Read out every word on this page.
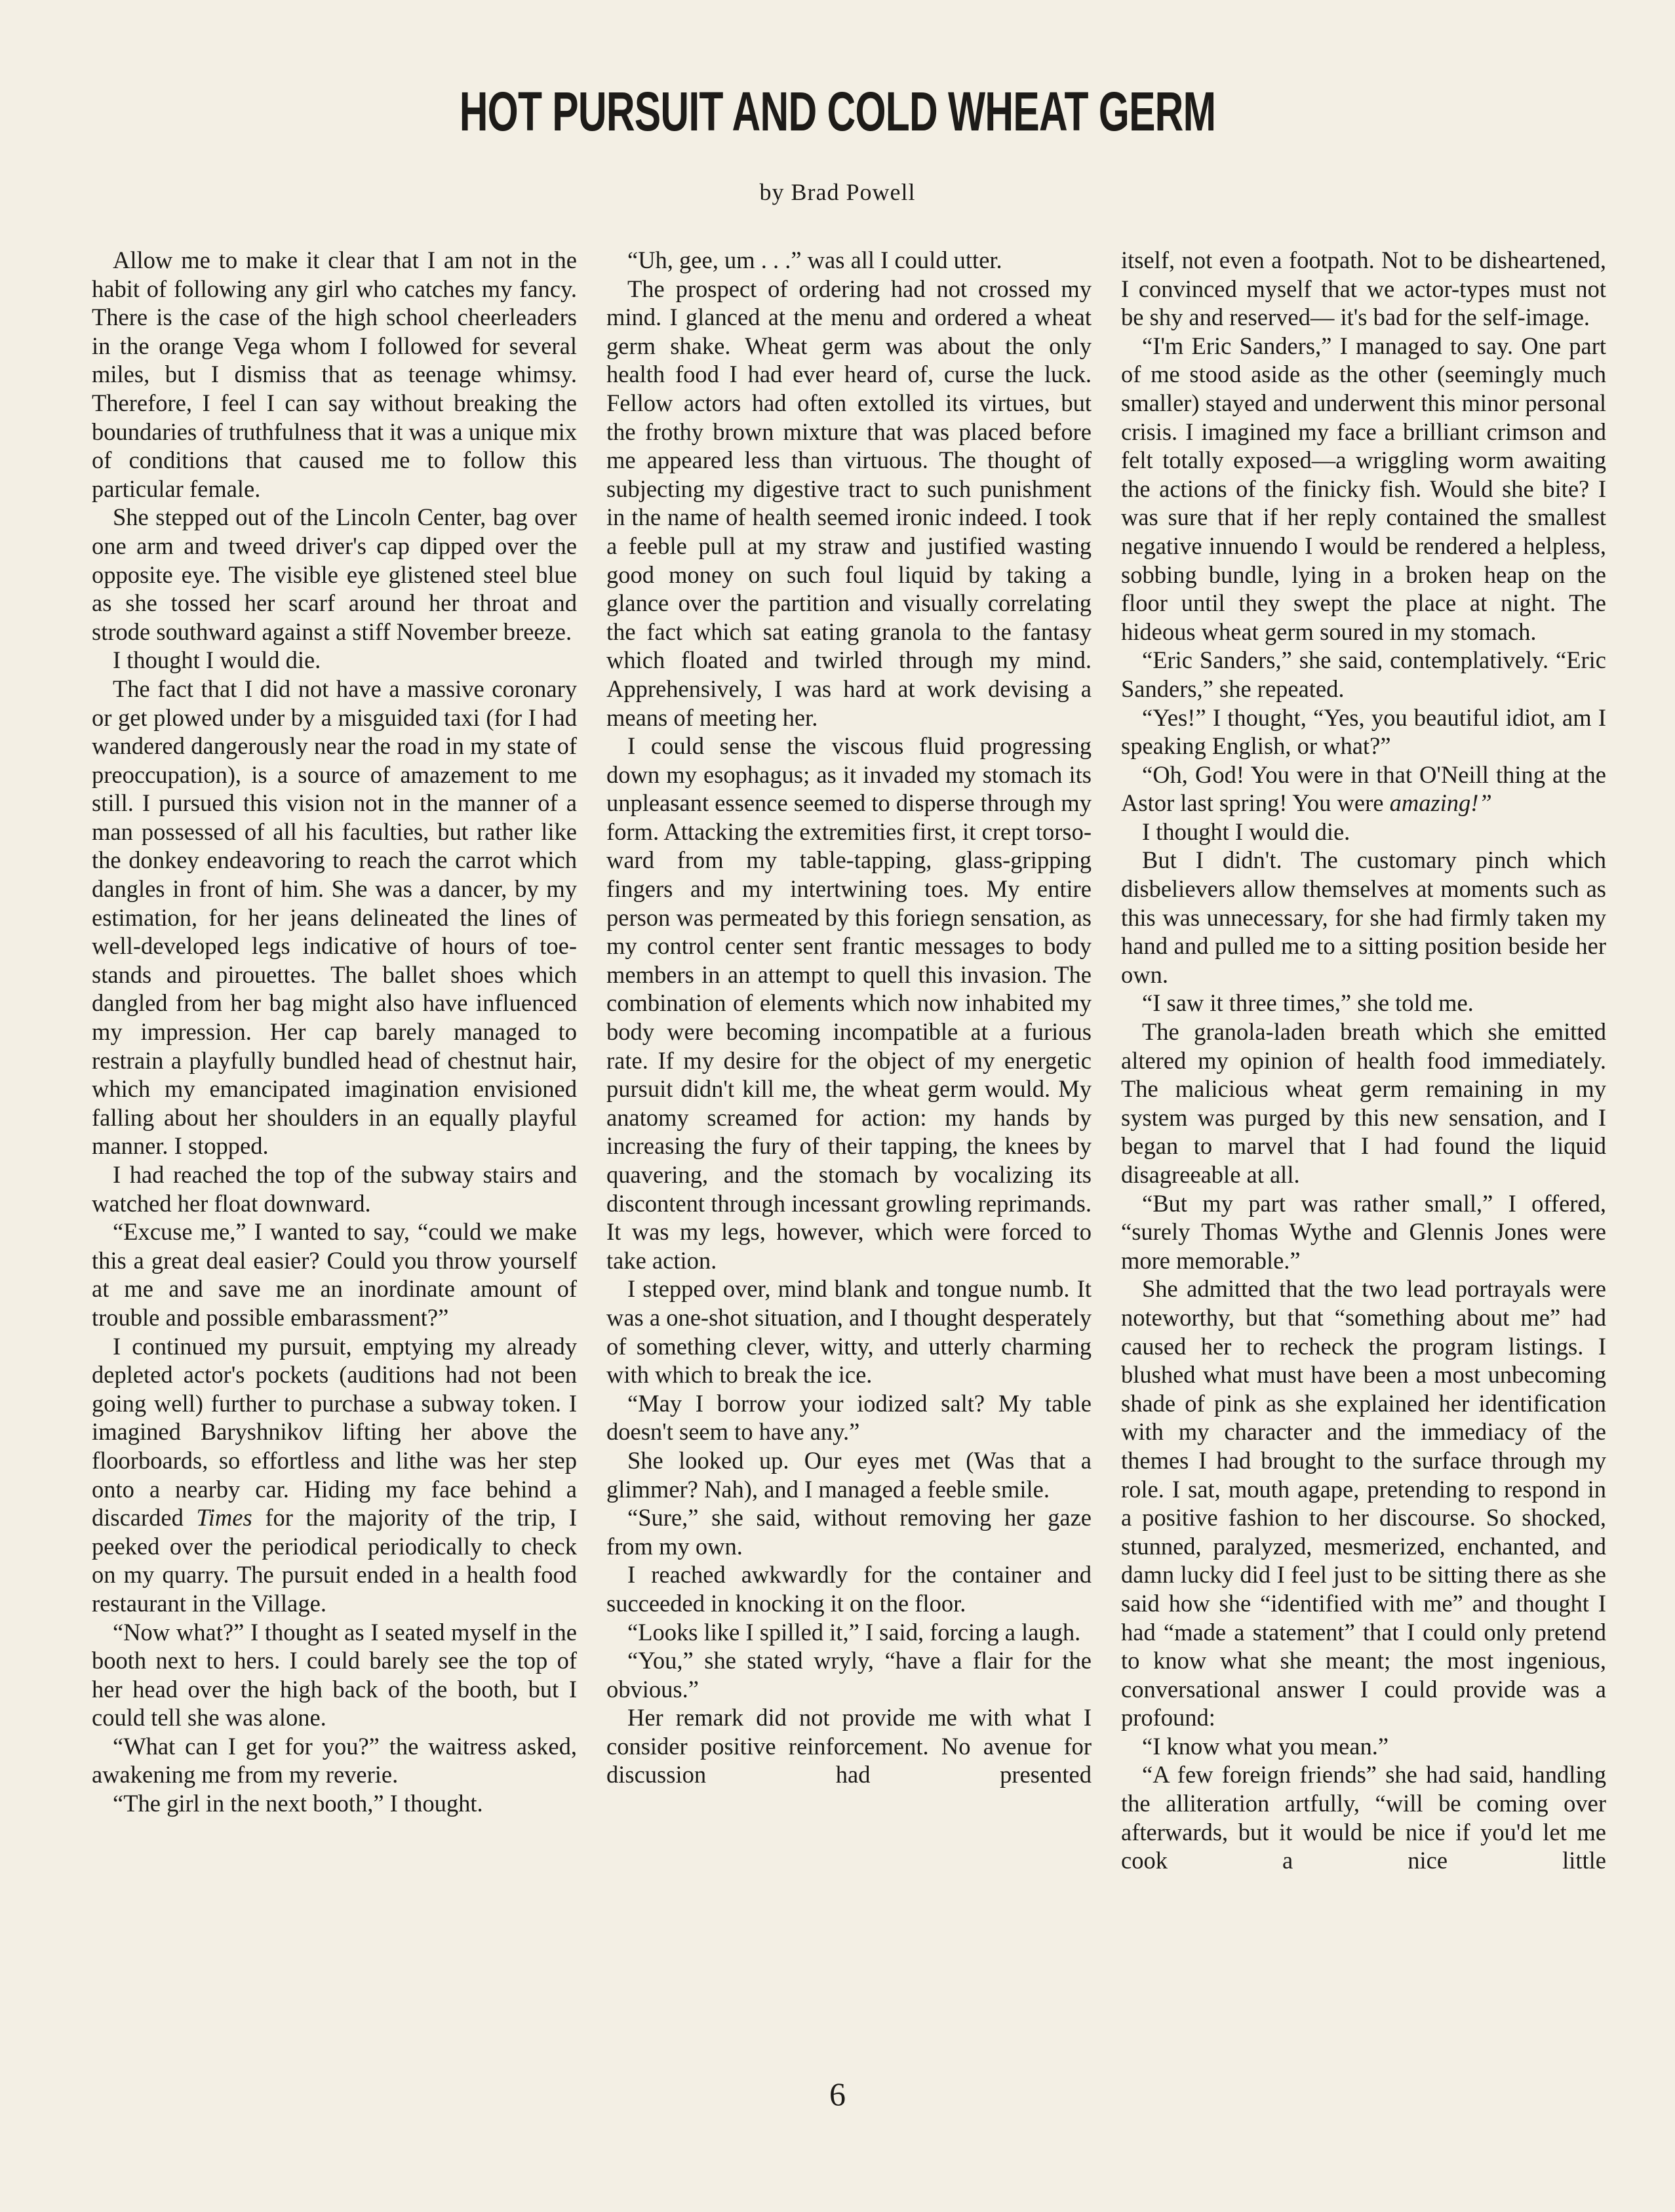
HOT PURSUIT AND COLD WHEAT GERM

by Brad Powell

Allow me to make it clear that I am not in the habit of following any girl who catches my fancy. There is the case of the high school cheerleaders in the orange Vega whom I followed for several miles, but I dismiss that as teenage whimsy. Therefore, I feel I can say without breaking the boundaries of truthfulness that it was a unique mix of conditions that caused me to follow this particular female.

She stepped out of the Lincoln Center, bag over one arm and tweed driver's cap dipped over the opposite eye. The visible eye glistened steel blue as she tossed her scarf around her throat and strode southward against a stiff November breeze.

I thought I would die.

The fact that I did not have a massive coronary or get plowed under by a misguided taxi (for I had wandered dangerously near the road in my state of preoccupation), is a source of amazement to me still. I pursued this vision not in the manner of a man possessed of all his faculties, but rather like the donkey endeavoring to reach the carrot which dangles in front of him. She was a dancer, by my estimation, for her jeans delineated the lines of well-developed legs indicative of hours of toe-stands and pirouettes. The ballet shoes which dangled from her bag might also have influenced my impression. Her cap barely managed to restrain a playfully bundled head of chestnut hair, which my emancipated imagination envisioned falling about her shoulders in an equally playful manner. I stopped.

I had reached the top of the subway stairs and watched her float downward.

“Excuse me,” I wanted to say, “could we make this a great deal easier? Could you throw yourself at me and save me an inordinate amount of trouble and possible embarassment?”

I continued my pursuit, emptying my already depleted actor's pockets (auditions had not been going well) further to purchase a subway token. I imagined Baryshnikov lifting her above the floorboards, so effortless and lithe was her step onto a nearby car. Hiding my face behind a discarded Times for the majority of the trip, I peeked over the periodical periodically to check on my quarry. The pursuit ended in a health food restaurant in the Village.

“Now what?” I thought as I seated myself in the booth next to hers. I could barely see the top of her head over the high back of the booth, but I could tell she was alone.

“What can I get for you?” the waitress asked, awakening me from my reverie.

“The girl in the next booth,” I thought.

“Uh, gee, um . . .” was all I could utter.

The prospect of ordering had not crossed my mind. I glanced at the menu and ordered a wheat germ shake. Wheat germ was about the only health food I had ever heard of, curse the luck. Fellow actors had often extolled its virtues, but the frothy brown mixture that was placed before me appeared less than virtuous. The thought of subjecting my digestive tract to such punishment in the name of health seemed ironic indeed. I took a feeble pull at my straw and justified wasting good money on such foul liquid by taking a glance over the partition and visually correlating the fact which sat eating granola to the fantasy which floated and twirled through my mind. Apprehensively, I was hard at work devising a means of meeting her.

I could sense the viscous fluid progressing down my esophagus; as it invaded my stomach its unpleasant essence seemed to disperse through my form. Attacking the extremities first, it crept torso-ward from my table-tapping, glass-gripping fingers and my intertwining toes. My entire person was permeated by this foriegn sensation, as my control center sent frantic messages to body members in an attempt to quell this invasion. The combination of elements which now inhabited my body were becoming incompatible at a furious rate. If my desire for the object of my energetic pursuit didn't kill me, the wheat germ would. My anatomy screamed for action: my hands by increasing the fury of their tapping, the knees by quavering, and the stomach by vocalizing its discontent through incessant growling reprimands. It was my legs, however, which were forced to take action.

I stepped over, mind blank and tongue numb. It was a one-shot situation, and I thought desperately of something clever, witty, and utterly charming with which to break the ice.

“May I borrow your iodized salt? My table doesn't seem to have any.”

She looked up. Our eyes met (Was that a glimmer? Nah), and I managed a feeble smile.

“Sure,” she said, without removing her gaze from my own.

I reached awkwardly for the container and succeeded in knocking it on the floor.

“Looks like I spilled it,” I said, forcing a laugh.

“You,” she stated wryly, “have a flair for the obvious.”

Her remark did not provide me with what I consider positive reinforcement. No avenue for discussion had presented

itself, not even a footpath. Not to be disheartened, I convinced myself that we actor-types must not be shy and reserved— it's bad for the self-image.

“I'm Eric Sanders,” I managed to say. One part of me stood aside as the other (seemingly much smaller) stayed and underwent this minor personal crisis. I imagined my face a brilliant crimson and felt totally exposed—a wriggling worm awaiting the actions of the finicky fish. Would she bite? I was sure that if her reply contained the smallest negative innuendo I would be rendered a helpless, sobbing bundle, lying in a broken heap on the floor until they swept the place at night. The hideous wheat germ soured in my stomach.

“Eric Sanders,” she said, contemplatively. “Eric Sanders,” she repeated.

“Yes!” I thought, “Yes, you beautiful idiot, am I speaking English, or what?”

“Oh, God! You were in that O'Neill thing at the Astor last spring! You were amazing!”

I thought I would die.

But I didn't. The customary pinch which disbelievers allow themselves at moments such as this was unnecessary, for she had firmly taken my hand and pulled me to a sitting position beside her own.

“I saw it three times,” she told me.

The granola-laden breath which she emitted altered my opinion of health food immediately. The malicious wheat germ remaining in my system was purged by this new sensation, and I began to marvel that I had found the liquid disagreeable at all.

“But my part was rather small,” I offered, “surely Thomas Wythe and Glennis Jones were more memorable.”

She admitted that the two lead portrayals were noteworthy, but that “something about me” had caused her to recheck the program listings. I blushed what must have been a most unbecoming shade of pink as she explained her identification with my character and the immediacy of the themes I had brought to the surface through my role. I sat, mouth agape, pretending to respond in a positive fashion to her discourse. So shocked, stunned, paralyzed, mesmerized, enchanted, and damn lucky did I feel just to be sitting there as she said how she “identified with me” and thought I had “made a statement” that I could only pretend to know what she meant; the most ingenious, conversational answer I could provide was a profound:

“I know what you mean.”

“A few foreign friends” she had said, handling the alliteration artfully, “will be coming over afterwards, but it would be nice if you'd let me cook a nice little

6
